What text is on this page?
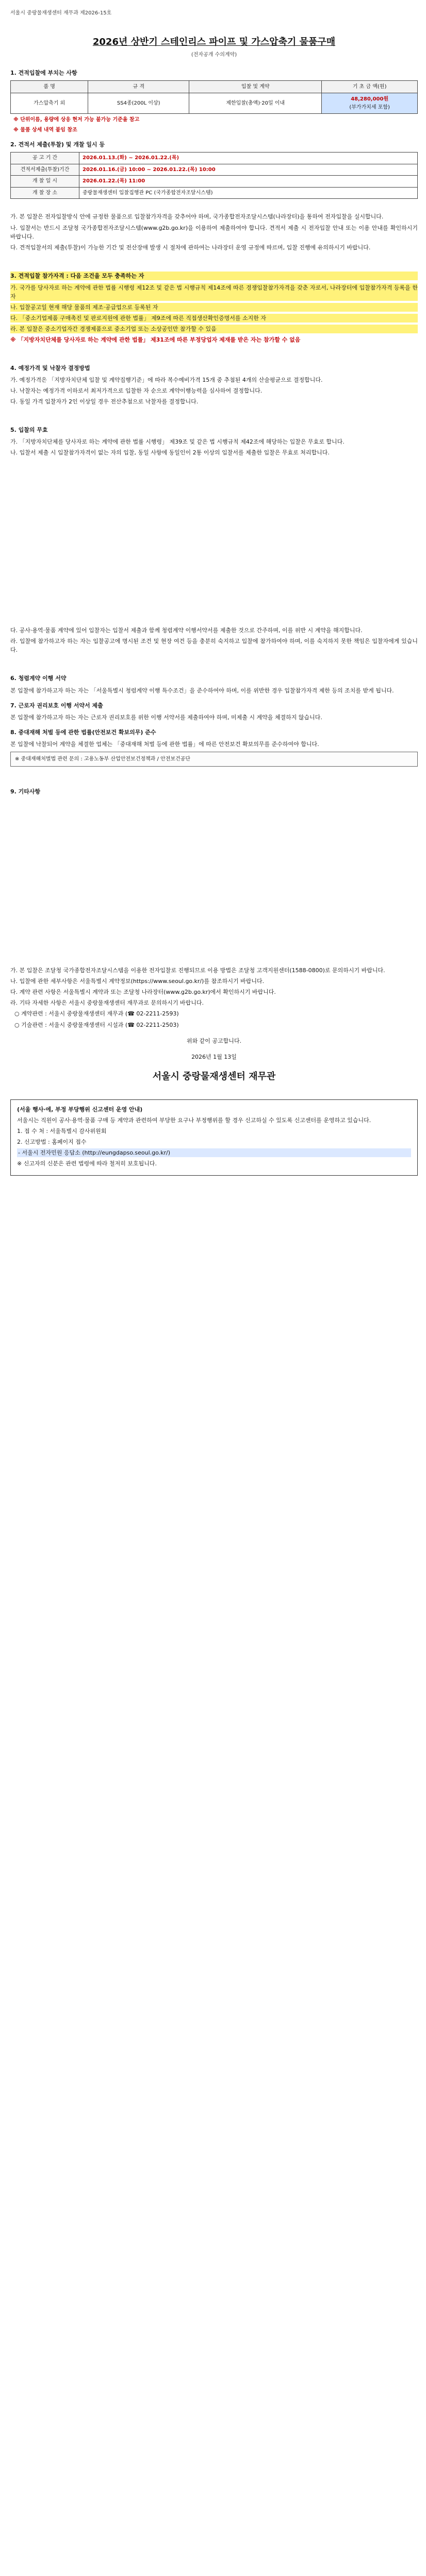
서울시 중랑물재생센터 재무과 제2026-15호
2026년 상반기 스테인리스 파이프 및 가스압축기 물품구매
(전자공개 수의계약)
1. 견적입찰에 부치는 사항
품 명	규 격	입찰 및 계약	기 초 금 액(원)
가스압축기 외	SS4종(200L 이상)	제한입찰(총액)·20일 이내	48,280,000원
(부가가치세 포함)
※ 단위이름, 용량에 상응 현저 가능 불가능 기준을 참고
※ 물품 상세 내역 붙임 참조
2. 견적서 제출(투찰) 및 개찰 일시 등
공 고 기 간	2026.01.13.(화) ~ 2026.01.22.(목)
견적서제출(투찰)기간	2026.01.16.(금) 10:00 ~ 2026.01.22.(목) 10:00
개 찰 일 시	2026.01.22.(목) 11:00
개 찰 장 소	중랑물재생센터 입찰집행관 PC (국가종합전자조달시스템)

가. 본 입찰은 전자입찰방식 안에 규정한 물품으로 입찰참가자격을 갖추어야 하며, 국가종합전자조달시스템(나라장터)을 통하여 전자입찰을 실시합니다.

나. 입찰서는 반드시 조달청 국가종합전자조달시스템(www.g2b.go.kr)을 이용하여 제출하여야 합니다. 견적서 제출 시 전자입찰 안내 또는 이용 안내를 확인하시기 바랍니다.

다. 견적입찰서의 제출(투찰)이 가능한 기간 및 전산장애 발생 시 절차에 관하여는 나라장터 운영 규정에 따르며, 입찰 진행에 유의하시기 바랍니다.

3. 견적입찰 참가자격 : 다음 조건을 모두 충족하는 자

가. 국가를 당사자로 하는 계약에 관한 법률 시행령 제12조 및 같은 법 시행규칙 제14조에 따른 경쟁입찰참가자격을 갖춘 자로서, 나라장터에 입찰참가자격 등록을 한 자

나. 입찰공고일 현재 해당 물품의 제조·공급업으로 등록된 자

다. 「중소기업제품 구매촉진 및 판로지원에 관한 법률」 제9조에 따른 직접생산확인증명서를 소지한 자

라. 본 입찰은 중소기업자간 경쟁제품으로 중소기업 또는 소상공인만 참가할 수 있음

※ 「지방자치단체를 당사자로 하는 계약에 관한 법률」 제31조에 따른 부정당업자 제재를 받은 자는 참가할 수 없음

4. 예정가격 및 낙찰자 결정방법

가. 예정가격은 「지방자치단체 입찰 및 계약집행기준」에 따라 복수예비가격 15개 중 추첨된 4개의 산술평균으로 결정합니다.

나. 낙찰자는 예정가격 이하로서 최저가격으로 입찰한 자 순으로 계약이행능력을 심사하여 결정합니다.

다. 동일 가격 입찰자가 2인 이상일 경우 전산추첨으로 낙찰자를 결정합니다.

5. 입찰의 무효

가. 「지방자치단체를 당사자로 하는 계약에 관한 법률 시행령」 제39조 및 같은 법 시행규칙 제42조에 해당하는 입찰은 무효로 합니다.

나. 입찰서 제출 시 입찰참가자격이 없는 자의 입찰, 동일 사항에 동일인이 2통 이상의 입찰서를 제출한 입찰은 무효로 처리합니다.

다. 공사·용역·물품 계약에 있어 입찰자는 입찰서 제출과 함께 청렴계약 이행서약서를 제출한 것으로 간주하며, 이를 위반 시 계약을 해지합니다.

라. 입찰에 참가하고자 하는 자는 입찰공고에 명시된 조건 및 현장 여건 등을 충분히 숙지하고 입찰에 참가하여야 하며, 이를 숙지하지 못한 책임은 입찰자에게 있습니다.

6. 청렴계약 이행 서약

본 입찰에 참가하고자 하는 자는 「서울특별시 청렴계약 이행 특수조건」을 준수하여야 하며, 이를 위반한 경우 입찰참가자격 제한 등의 조치를 받게 됩니다.

7. 근로자 권리보호 이행 서약서 제출

본 입찰에 참가하고자 하는 자는 근로자 권리보호를 위한 이행 서약서를 제출하여야 하며, 미제출 시 계약을 체결하지 않습니다.

8. 중대재해 처벌 등에 관한 법률(안전보건 확보의무) 준수

본 입찰에 낙찰되어 계약을 체결한 업체는 「중대재해 처벌 등에 관한 법률」에 따른 안전보건 확보의무를 준수하여야 합니다.

※ 중대재해처벌법 관련 문의 : 고용노동부 산업안전보건정책과 / 안전보건공단
9. 기타사항

가. 본 입찰은 조달청 국가종합전자조달시스템을 이용한 전자입찰로 진행되므로 이용 방법은 조달청 고객지원센터(1588-0800)로 문의하시기 바랍니다.

나. 입찰에 관한 세부사항은 서울특별시 계약정보(https://www.seoul.go.kr/)를 참조하시기 바랍니다.

다. 계약 관련 사항은 서울특별시 계약과 또는 조달청 나라장터(www.g2b.go.kr)에서 확인하시기 바랍니다.

라. 기타 자세한 사항은 서울시 중랑물재생센터 재무과로 문의하시기 바랍니다.

○ 계약관련 : 서울시 중랑물재생센터 재무과 (☎ 02-2211-2593)

○ 기술관련 : 서울시 중랑물재생센터 시설과 (☎ 02-2211-2503)

위와 같이 공고합니다.
2026년 1월 13일
서울시 중랑물재생센터 재무관
(서울 행사·에, 부정 부당행위 신고센터 운영 안내)

서울시는 직원이 공사·용역·물품 구매 등 계약과 관련하여 부당한 요구나 부정행위를 할 경우 신고하실 수 있도록 신고센터를 운영하고 있습니다.

1. 접 수 처 : 서울특별시 감사위원회

2. 신고방법 : 홈페이지 접수

- 서울시 전자민원 응답소 (http://eungdapso.seoul.go.kr/)

※ 신고자의 신분은 관련 법령에 따라 철저히 보호됩니다.
